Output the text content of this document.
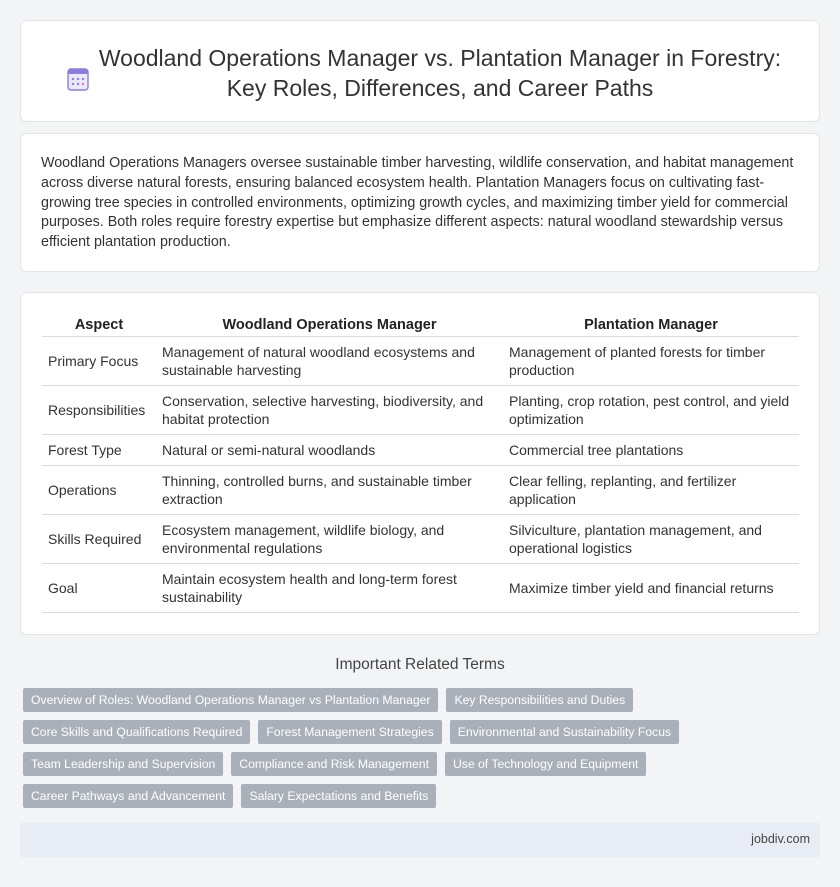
Woodland Operations Manager vs. Plantation Manager in Forestry: Key Roles, Differences, and Career Paths

Woodland Operations Managers oversee sustainable timber harvesting, wildlife conservation, and habitat management across diverse natural forests, ensuring balanced ecosystem health. Plantation Managers focus on cultivating fast-growing tree species in controlled environments, optimizing growth cycles, and maximizing timber yield for commercial purposes. Both roles require forestry expertise but emphasize different aspects: natural woodland stewardship versus efficient plantation production.

Aspect	Woodland Operations Manager	Plantation Manager
Primary Focus	Management of natural woodland ecosystems and sustainable harvesting	Management of planted forests for timber production
Responsibilities	Conservation, selective harvesting, biodiversity, and habitat protection	Planting, crop rotation, pest control, and yield optimization
Forest Type	Natural or semi-natural woodlands	Commercial tree plantations
Operations	Thinning, controlled burns, and sustainable timber extraction	Clear felling, replanting, and fertilizer application
Skills Required	Ecosystem management, wildlife biology, and environmental regulations	Silviculture, plantation management, and operational logistics
Goal	Maintain ecosystem health and long-term forest sustainability	Maximize timber yield and financial returns
Important Related Terms
Overview of Roles: Woodland Operations Manager vs Plantation Manager	Key Responsibilities and Duties
Core Skills and Qualifications Required	Forest Management Strategies	Environmental and Sustainability Focus
Team Leadership and Supervision	Compliance and Risk Management	Use of Technology and Equipment
Career Pathways and Advancement	Salary Expectations and Benefits
jobdiv.com
